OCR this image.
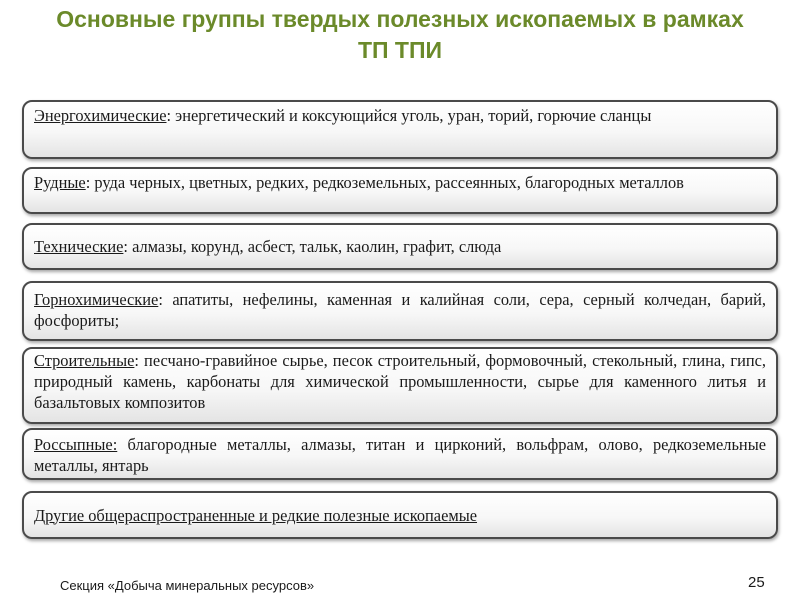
Основные группы твердых полезных ископаемых в рамках ТП ТПИ
Энергохимические: энергетический и коксующийся уголь, уран, торий, горючие сланцы
Рудные: руда черных, цветных, редких, редкоземельных, рассеянных, благородных металлов
Технические: алмазы, корунд, асбест, тальк, каолин, графит, слюда
Горнохимические: апатиты, нефелины, каменная и калийная соли, сера, серный колчедан, барий, фосфориты;
Строительные: песчано-гравийное сырье, песок строительный, формовочный, стекольный, глина, гипс, природный камень, карбонаты для химической промышленности, сырье для каменного литья и базальтовых композитов
Россыпные: благородные металлы, алмазы, титан и цирконий, вольфрам, олово, редкоземельные металлы, янтарь
Другие общераспространенные и редкие полезные ископаемые
Секция «Добыча минеральных ресурсов»	25
